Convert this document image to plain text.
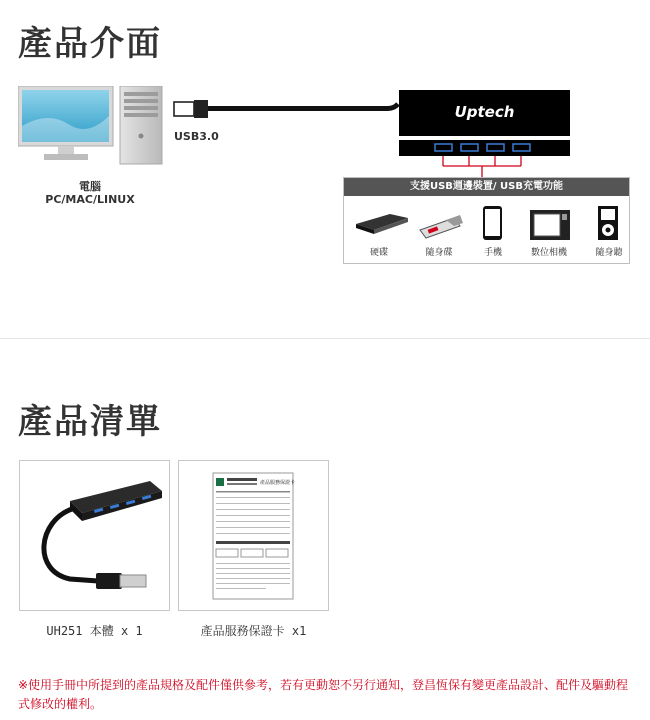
產品介面
電腦
PC/MAC/LINUX
USB3.0
Uptech
支援USB週邊裝置/ USB充電功能
硬碟	隨身碟	手機	數位相機	隨身聽
產品清單
產品服務保證卡
UH251 本體 x 1	產品服務保證卡 x1
※使用手冊中所提到的產品規格及配件僅供參考，若有更動恕不另行通知，登昌恆保有變更產品設計、配件及驅動程式修改的權利。
